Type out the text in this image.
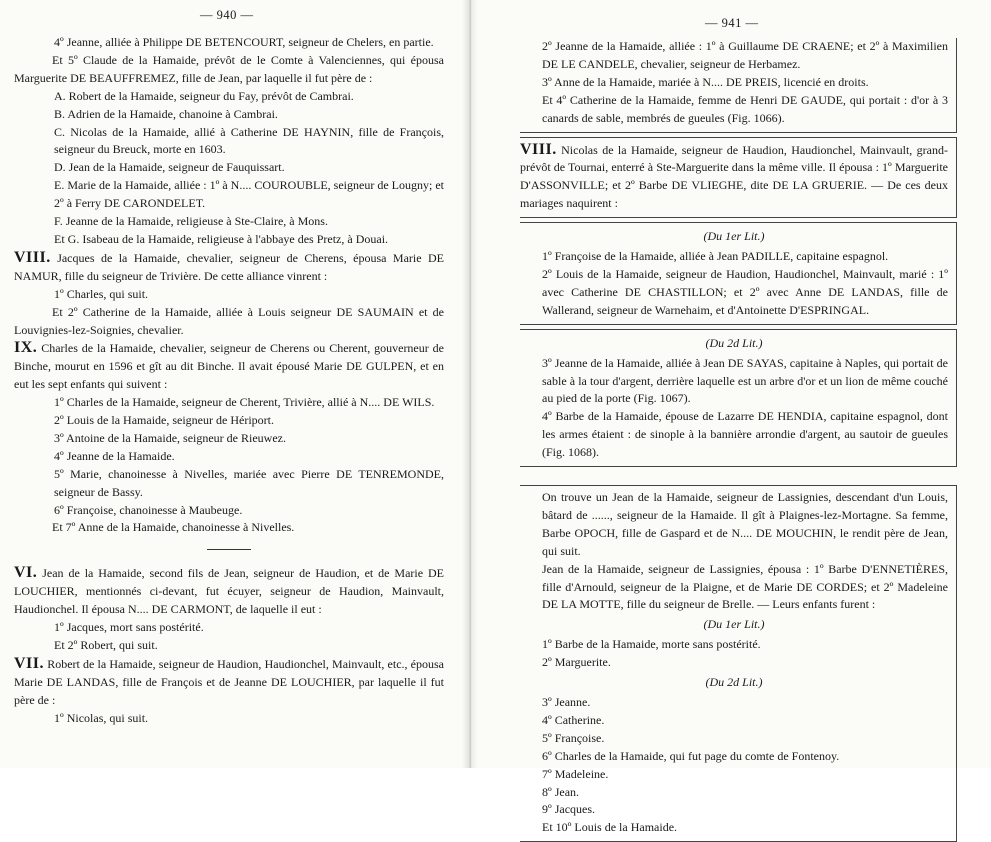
— 940 —

4º Jeanne, alliée à Philippe DE BETENCOURT, seigneur de Chelers, en partie.

Et 5º Claude de la Hamaide, prévôt de le Comte à Valenciennes, qui épousa Marguerite DE BEAUFFREMEZ, fille de Jean, par laquelle il fut père de :

A. Robert de la Hamaide, seigneur du Fay, prévôt de Cambrai.

B. Adrien de la Hamaide, chanoine à Cambrai.

C. Nicolas de la Hamaide, allié à Catherine DE HAYNIN, fille de François, seigneur du Breuck, morte en 1603.

D. Jean de la Hamaide, seigneur de Fauquissart.

E. Marie de la Hamaide, alliée : 1º à N.... COUROUBLE, seigneur de Lougny; et 2º à Ferry DE CARONDELET.

F. Jeanne de la Hamaide, religieuse à Ste-Claire, à Mons.

Et G. Isabeau de la Hamaide, religieuse à l'abbaye des Pretz, à Douai.

VIII. Jacques de la Hamaide, chevalier, seigneur de Cherens, épousa Marie DE NAMUR, fille du seigneur de Trivière. De cette alliance vinrent :

1º Charles, qui suit.

Et 2º Catherine de la Hamaide, alliée à Louis seigneur DE SAUMAIN et de Louvignies-lez-Soignies, chevalier.

IX. Charles de la Hamaide, chevalier, seigneur de Cherens ou Cherent, gouverneur de Binche, mourut en 1596 et gît au dit Binche. Il avait épousé Marie DE GULPEN, et en eut les sept enfants qui suivent :

1º Charles de la Hamaide, seigneur de Cherent, Trivière, allié à N.... DE WILS.

2º Louis de la Hamaide, seigneur de Hériport.

3º Antoine de la Hamaide, seigneur de Rieuwez.

4º Jeanne de la Hamaide.

5º Marie, chanoinesse à Nivelles, mariée avec Pierre DE TENREMONDE, seigneur de Bassy.

6º Françoise, chanoinesse à Maubeuge.

Et 7º Anne de la Hamaide, chanoinesse à Nivelles.

VI. Jean de la Hamaide, second fils de Jean, seigneur de Haudion, et de Marie DE LOUCHIER, mentionnés ci-devant, fut écuyer, seigneur de Haudion, Mainvault, Haudionchel. Il épousa N.... DE CARMONT, de laquelle il eut :

1º Jacques, mort sans postérité.

Et 2º Robert, qui suit.

VII. Robert de la Hamaide, seigneur de Haudion, Haudionchel, Mainvault, etc., épousa Marie DE LANDAS, fille de François et de Jeanne DE LOUCHIER, par laquelle il fut père de :

1º Nicolas, qui suit.

— 941 —

2º Jeanne de la Hamaide, alliée : 1º à Guillaume DE CRAENE; et 2º à Maximilien DE LE CANDELE, chevalier, seigneur de Herbamez.

3º Anne de la Hamaide, mariée à N.... DE PREIS, licencié en droits.

Et 4º Catherine de la Hamaide, femme de Henri DE GAUDE, qui portait : d'or à 3 canards de sable, membrés de gueules (Fig. 1066).

VIII. Nicolas de la Hamaide, seigneur de Haudion, Haudionchel, Mainvault, grand-prévôt de Tournai, enterré à Ste-Marguerite dans la même ville. Il épousa : 1º Marguerite D'ASSONVILLE; et 2º Barbe DE VLIEGHE, dite DE LA GRUERIE. — De ces deux mariages naquirent :

(Du 1er Lit.)

1º Françoise de la Hamaide, alliée à Jean PADILLE, capitaine espagnol.

2º Louis de la Hamaide, seigneur de Haudion, Haudionchel, Mainvault, marié : 1º avec Catherine DE CHASTILLON; et 2º avec Anne DE LANDAS, fille de Wallerand, seigneur de Warnehaim, et d'Antoinette D'ESPRINGAL.

(Du 2d Lit.)

3º Jeanne de la Hamaide, alliée à Jean DE SAYAS, capitaine à Naples, qui portait de sable à la tour d'argent, derrière laquelle est un arbre d'or et un lion de même couché au pied de la porte (Fig. 1067).

4º Barbe de la Hamaide, épouse de Lazarre DE HENDIA, capitaine espagnol, dont les armes étaient : de sinople à la bannière arrondie d'argent, au sautoir de gueules (Fig. 1068).

On trouve un Jean de la Hamaide, seigneur de Lassignies, descendant d'un Louis, bâtard de ......, seigneur de la Hamaide. Il gît à Plaignes-lez-Mortagne. Sa femme, Barbe OPOCH, fille de Gaspard et de N.... DE MOUCHIN, le rendit père de Jean, qui suit.

Jean de la Hamaide, seigneur de Lassignies, épousa : 1º Barbe D'ENNETIÈRES, fille d'Arnould, seigneur de la Plaigne, et de Marie DE CORDES; et 2º Madeleine DE LA MOTTE, fille du seigneur de Brelle. — Leurs enfants furent :

(Du 1er Lit.)

1º Barbe de la Hamaide, morte sans postérité.

2º Marguerite.

(Du 2d Lit.)

3º Jeanne.

4º Catherine.

5º Françoise.

6º Charles de la Hamaide, qui fut page du comte de Fontenoy.

7º Madeleine.

8º Jean.

9º Jacques.

Et 10º Louis de la Hamaide.
